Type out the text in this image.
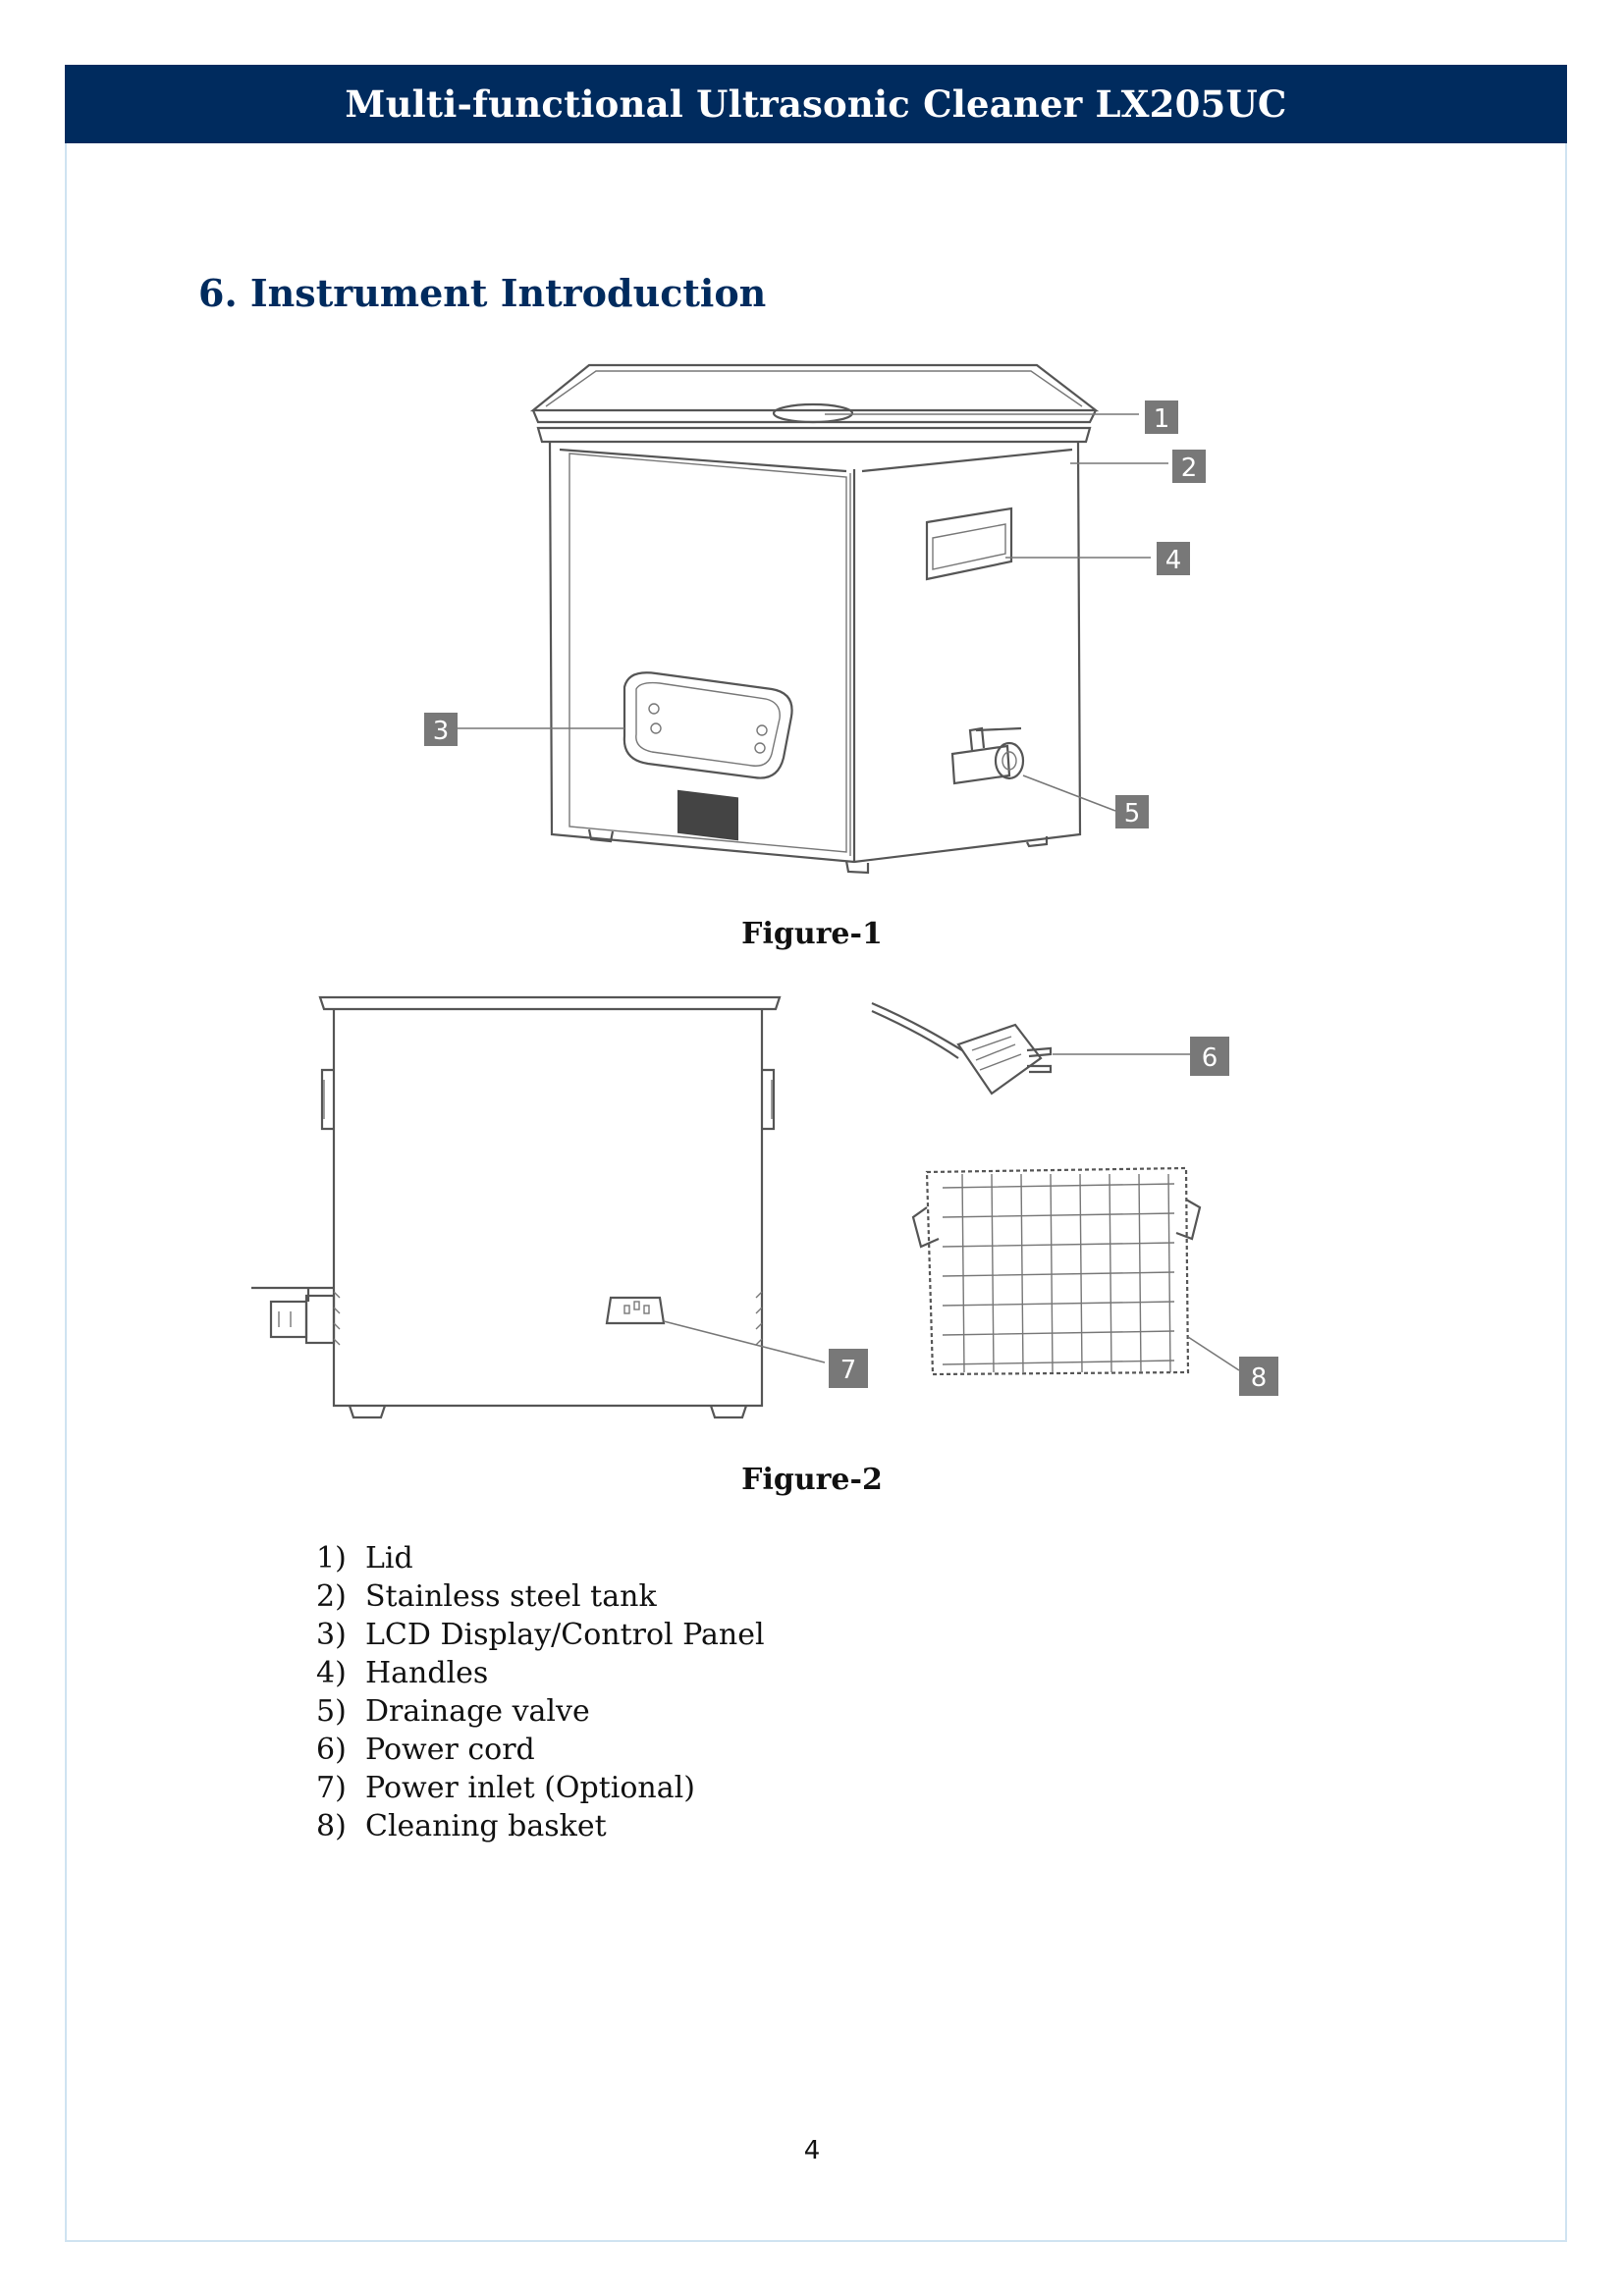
Multi-functional Ultrasonic Cleaner LX205UC
6. Instrument Introduction
1
2
4
3
5
Figure-1
6
7	8
Figure-2
1) Lid
2) Stainless steel tank
3) LCD Display/Control Panel
4) Handles
5) Drainage valve
6) Power cord
7) Power inlet (Optional)
8) Cleaning basket
4
